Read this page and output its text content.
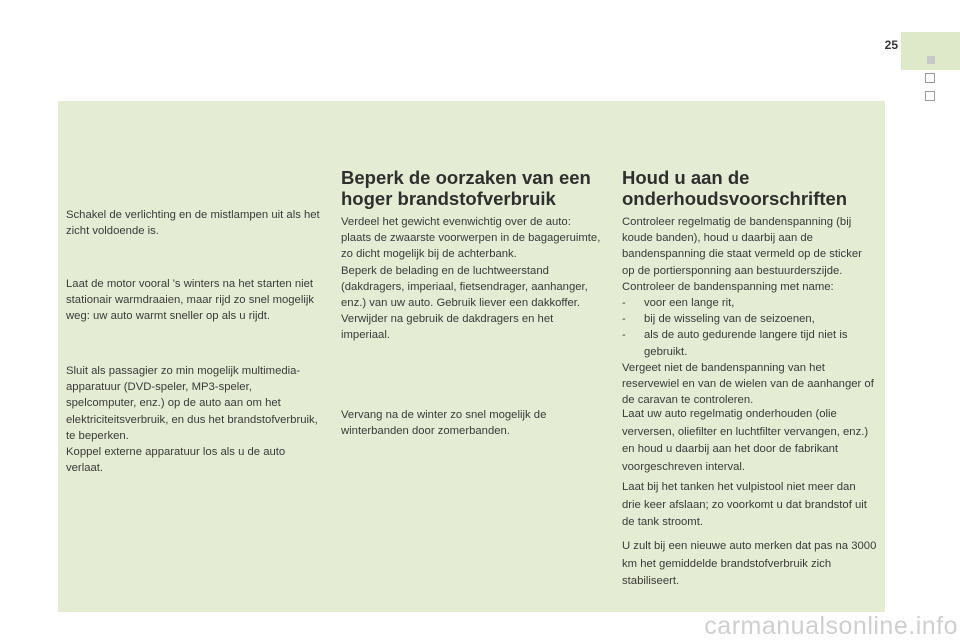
25

Schakel de verlichting en de mistlampen uit als het zicht voldoende is.

Laat de motor vooral 's winters na het starten niet stationair warmdraaien, maar rijd zo snel mogelijk weg: uw auto warmt sneller op als u rijdt.

Sluit als passagier zo min mogelijk multimedia-apparatuur (DVD-speler, MP3-speler, spelcomputer, enz.) op de auto aan om het elektriciteitsverbruik, en dus het brandstofverbruik, te beperken.

Koppel externe apparatuur los als u de auto verlaat.

Beperk de oorzaken van een hoger brandstofverbruik

Verdeel het gewicht evenwichtig over de auto: plaats de zwaarste voorwerpen in de bagageruimte, zo dicht mogelijk bij de achterbank.

Beperk de belading en de luchtweerstand (dakdragers, imperiaal, fietsendrager, aanhanger, enz.) van uw auto. Gebruik liever een dakkoffer.

Verwijder na gebruik de dakdragers en het imperiaal.

Vervang na de winter zo snel mogelijk de winterbanden door zomerbanden.

Houd u aan de onderhoudsvoorschriften

Controleer regelmatig de bandenspanning (bij koude banden), houd u daarbij aan de bandenspanning die staat vermeld op de sticker op de portiersponning aan bestuurderszijde.

Controleer de bandenspanning met name:

- voor een lange rit,
- bij de wisseling van de seizoenen,
- als de auto gedurende langere tijd niet is gebruikt.

Vergeet niet de bandenspanning van het reservewiel en van de wielen van de aanhanger of de caravan te controleren.

Laat uw auto regelmatig onderhouden (olie verversen, oliefilter en luchtfilter vervangen, enz.) en houd u daarbij aan het door de fabrikant voorgeschreven interval.

Laat bij het tanken het vulpistool niet meer dan drie keer afslaan; zo voorkomt u dat brandstof uit de tank stroomt.

U zult bij een nieuwe auto merken dat pas na 3000 km het gemiddelde brandstofverbruik zich stabiliseert.

carmanualsonline.info
